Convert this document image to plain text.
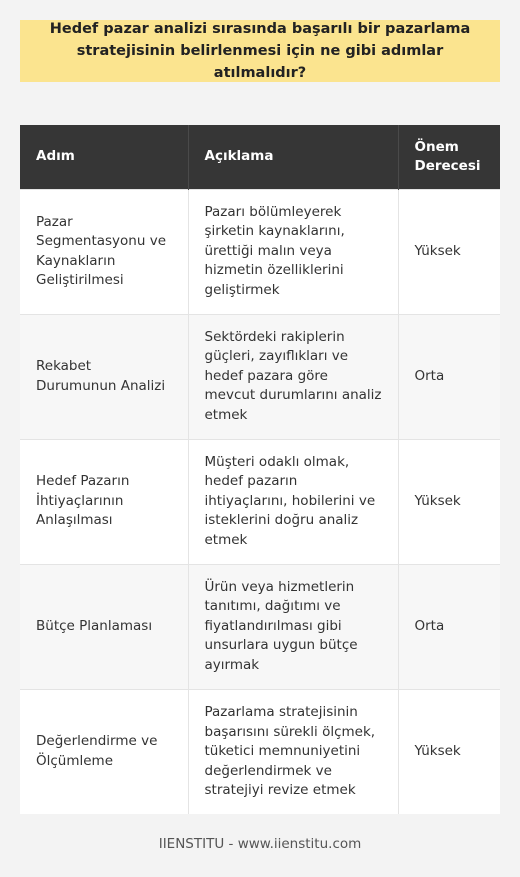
Hedef pazar analizi sırasında başarılı bir pazarlama stratejisinin belirlenmesi için ne gibi adımlar atılmalıdır?
Adım	Açıklama	Önem Derecesi
Pazar Segmentasyonu ve Kaynakların Geliştirilmesi	Pazarı bölümleyerek şirketin kaynaklarını, ürettiği malın veya hizmetin özelliklerini geliştirmek	Yüksek
Rekabet Durumunun Analizi	Sektördeki rakiplerin güçleri, zayıflıkları ve hedef pazara göre mevcut durumlarını analiz etmek	Orta
Hedef Pazarın İhtiyaçlarının Anlaşılması	Müşteri odaklı olmak, hedef pazarın ihtiyaçlarını, hobilerini ve isteklerini doğru analiz etmek	Yüksek
Bütçe Planlaması	Ürün veya hizmetlerin tanıtımı, dağıtımı ve fiyatlandırılması gibi unsurlara uygun bütçe ayırmak	Orta
Değerlendirme ve Ölçümleme	Pazarlama stratejisinin başarısını sürekli ölçmek, tüketici memnuniyetini değerlendirmek ve stratejiyi revize etmek	Yüksek
IIENSTITU - www.iienstitu.com
